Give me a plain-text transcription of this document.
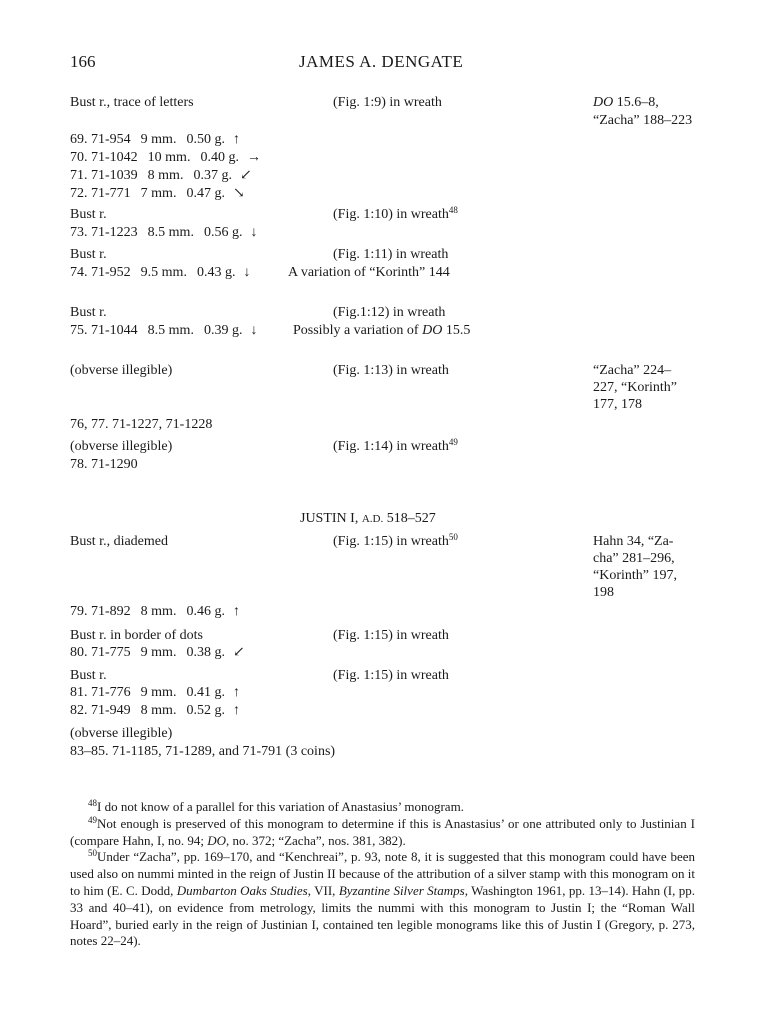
166	JAMES A. DENGATE
Bust r., trace of letters	(Fig. 1:9) in wreath	DO 15.6–8,
“Zacha” 188–223
69. 71-954 9 mm. 0.50 g. ↑
70. 71-1042 10 mm. 0.40 g. →
71. 71-1039 8 mm. 0.37 g. ↙
72. 71-771 7 mm. 0.47 g. ↘
Bust r.	(Fig. 1:10) in wreath$^{48}$
73. 71-1223 8.5 mm. 0.56 g. ↓
Bust r.	(Fig. 1:11) in wreath
74. 71-952 9.5 mm. 0.43 g. ↓	A variation of “Korinth” 144
Bust r.	(Fig.1:12) in wreath
75. 71-1044 8.5 mm. 0.39 g. ↓	Possibly a variation of DO 15.5
(obverse illegible)	(Fig. 1:13) in wreath	“Zacha” 224–
227, “Korinth”
177, 178
76, 77. 71-1227, 71-1228
(obverse illegible)	(Fig. 1:14) in wreath$^{49}$
78. 71-1290
JUSTIN I, A.D. 518–527
Bust r., diademed	(Fig. 1:15) in wreath$^{50}$	Hahn 34, “Za-
cha” 281–296,
“Korinth” 197,
198
79. 71-892 8 mm. 0.46 g. ↑
Bust r. in border of dots	(Fig. 1:15) in wreath
80. 71-775 9 mm. 0.38 g. ↙
Bust r.	(Fig. 1:15) in wreath
81. 71-776 9 mm. 0.41 g. ↑
82. 71-949 8 mm. 0.52 g. ↑
(obverse illegible)
83–85. 71-1185, 71-1289, and 71-791 (3 coins)

$^{48}$I do not know of a parallel for this variation of Anastasius’ monogram.

$^{49}$Not enough is preserved of this monogram to determine if this is Anastasius’ or one attributed only to Justinian I (compare Hahn, I, no. 94; DO, no. 372; “Zacha”, nos. 381, 382).

$^{50}$Under “Zacha”, pp. 169–170, and “Kenchreai”, p. 93, note 8, it is suggested that this monogram could have been used also on nummi minted in the reign of Justin II because of the attribution of a silver stamp with this monogram on it to him (E. C. Dodd, Dumbarton Oaks Studies, VII, Byzantine Silver Stamps, Washington 1961, pp. 13–14). Hahn (I, pp. 33 and 40–41), on evidence from metrology, limits the nummi with this monogram to Justin I; the “Roman Wall Hoard”, buried early in the reign of Justinian I, contained ten legible monograms like this of Justin I (Gregory, p. 273, notes 22–24).
